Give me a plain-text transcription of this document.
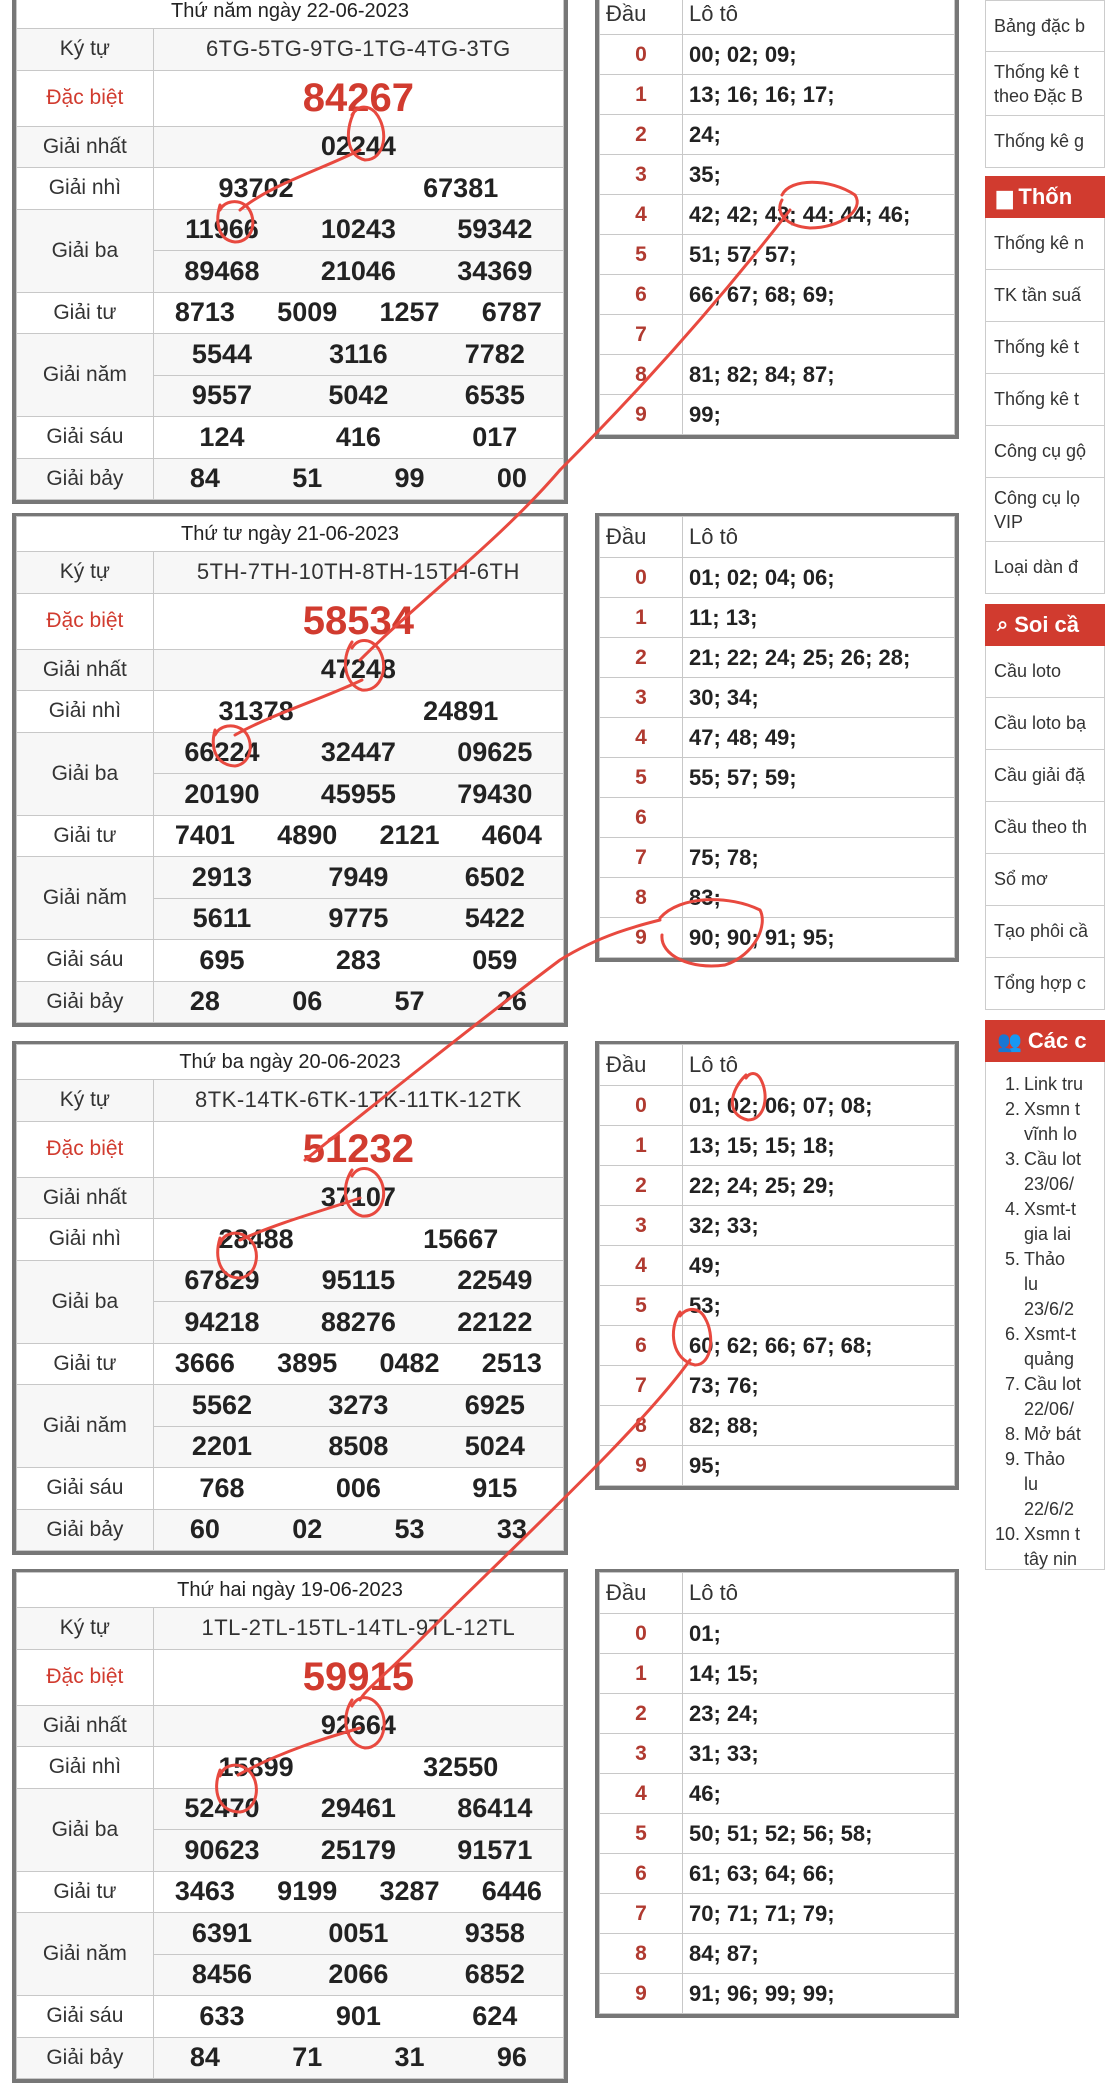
Thứ năm ngày 22-06-2023	
Ký tự	6TG-5TG-9TG-1TG-4TG-3TG
Đặc biệt	84267
Giải nhất	02244
Giải nhì	93702 67381

Giải ba	11966 10243 59342

	89468 21046 34369

Giải tư	8713 5009 1257 6787

Giải năm	5544 3116 7782

	9557 5042 6535

Giải sáu	124 416 017

Giải bảy	84 51 99 00
Thứ tư ngày 21-06-2023	
Ký tự	5TH-7TH-10TH-8TH-15TH-6TH
Đặc biệt	58534
Giải nhất	47248
Giải nhì	31378 24891

Giải ba	66224 32447 09625

	20190 45955 79430

Giải tư	7401 4890 2121 4604

Giải năm	2913 7949 6502

	5611 9775 5422

Giải sáu	695 283 059

Giải bảy	28 06 57 26
Thứ ba ngày 20-06-2023	
Ký tự	8TK-14TK-6TK-1TK-11TK-12TK
Đặc biệt	51232
Giải nhất	37107
Giải nhì	28488 15667

Giải ba	67829 95115 22549

	94218 88276 22122

Giải tư	3666 3895 0482 2513

Giải năm	5562 3273 6925

	2201 8508 5024

Giải sáu	768 006 915

Giải bảy	60 02 53 33
Thứ hai ngày 19-06-2023	
Ký tự	1TL-2TL-15TL-14TL-9TL-12TL
Đặc biệt	59915
Giải nhất	92664
Giải nhì	15899 32550

Giải ba	52470 29461 86414

	90623 25179 91571

Giải tư	3463 9199 3287 6446

Giải năm	6391 0051 9358

	8456 2066 6852

Giải sáu	633 901 624

Giải bảy	84 71 31 96
Đầu	Lô tô
0	00; 02; 09;
1	13; 16; 16; 17;
2	24;
3	35;
4	42; 42; 43; 44; 44; 46;
5	51; 57; 57;
6	66; 67; 68; 69;
7	
8	81; 82; 84; 87;
9	99;
Đầu	Lô tô
0	01; 02; 04; 06;
1	11; 13;
2	21; 22; 24; 25; 26; 28;
3	30; 34;
4	47; 48; 49;
5	55; 57; 59;
6	
7	75; 78;
8	83;
9	90; 90; 91; 95;
Đầu	Lô tô
0	01; 02; 06; 07; 08;
1	13; 15; 15; 18;
2	22; 24; 25; 29;
3	32; 33;
4	49;
5	53;
6	60; 62; 66; 67; 68;
7	73; 76;
8	82; 88;
9	95;
Đầu	Lô tô
0	01;
1	14; 15;
2	23; 24;
3	31; 33;
4	46;
5	50; 51; 52; 56; 58;
6	61; 63; 64; 66;
7	70; 71; 71; 79;
8	84; 87;
9	91; 96; 99; 99;
Bảng đặc b
Thống kê t theo Đặc B
Thống kê g
▆ Thốn
Thống kê n
TK tần suấ
Thống kê t
Thống kê t
Công cụ gộ
Công cụ lọ VIP
Loại dàn đ
⌕ Soi cầ
Cầu loto
Cầu loto bạ
Cầu giải đặ
Cầu theo th
Sổ mơ
Tạo phôi cầ
Tổng hợp c
👥 Các c
1. Link tru
2. Xsmn t vĩnh lo
3. Cầu lot 23/06/
4. Xsmt-t gia lai
5. Thảo lu 23/6/2
6. Xsmt-t quảng
7. Cầu lot 22/06/
8. Mở bát
9. Thảo lu 22/6/2
10. Xsmn t tây nin
